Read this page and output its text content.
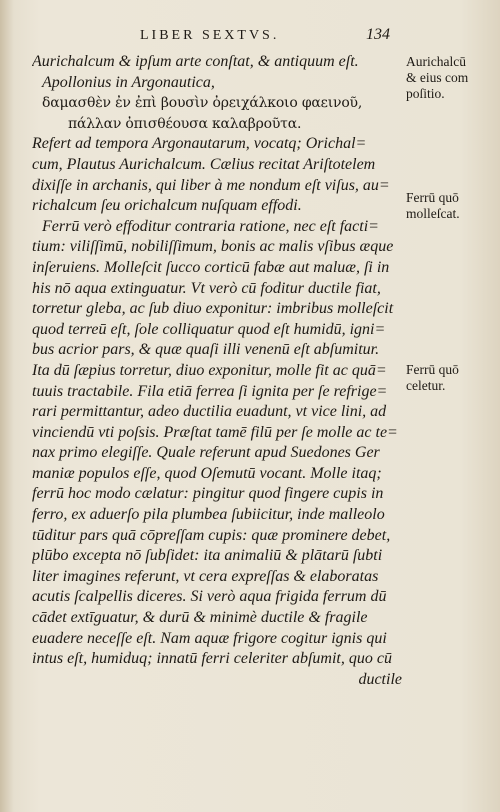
LIBER SEXTVS.	134
Aurichalcum & ipſum arte conſtat, & antiquum eſt.
Apollonius in Argonautica,
δαμασθὲν ἐν ἐπὶ βουσὶν ὀρειχάλκοιο φαεινοῦ,
πάλλαν ὀπισθέουσα καλαβροῦτα.
Refert ad tempora Argonautarum, vocatq; Orichal=
cum, Plautus Aurichalcum. Cælius recitat Ariſtotelem
dixiſſe in archanis, qui liber à me nondum eſt viſus, au=
richalcum ſeu orichalcum nuſquam effodi.
Ferrū verò effoditur contraria ratione, nec eſt facti=
tium: viliſſimū, nobiliſſimum, bonis ac malis vſibus æque
inſeruiens. Molleſcit ſucco corticū fabæ aut maluæ, ſi in
his nō aqua extinguatur. Vt verò cū foditur ductile fiat,
torretur gleba, ac ſub diuo exponitur: imbribus molleſcit
quod terreū eſt, ſole colliquatur quod eſt humidū, igni=
bus acrior pars, & quæ quaſi illi venenū eſt abſumitur.
Ita dū ſæpius torretur, diuo exponitur, molle fit ac quā=
tuuis tractabile. Fila etiā ferrea ſi ignita per ſe refrige=
rari permittantur, adeo ductilia euadunt, vt vice lini, ad
vinciendū vti poſsis. Præſtat tamē filū per ſe molle ac te=
nax primo elegiſſe. Quale referunt apud Suedones Ger
maniæ populos eſſe, quod Oſemutū vocant. Molle itaq;
ferrū hoc modo cælatur: pingitur quod fingere cupis in
ferro, ex aduerſo pila plumbea ſubiicitur, inde malleolo
tūditur pars quā cōpreſſam cupis: quæ prominere debet,
plūbo excepta nō ſubſidet: ita animaliū & plātarū ſubti
liter imagines referunt, vt cera expreſſas & elaboratas
acutis ſcalpellis diceres. Si verò aqua frigida ferrum dū
cādet extīguatur, & durū & minimè ductile & fragile
euadere neceſſe eſt. Nam aquæ frigore cogitur ignis qui
intus eſt, humiduq; innatū ferri celeriter abſumit, quo cū
ductile
Aurichalcū
& eius com
poſitio.
Ferrū quō
molleſcat.
Ferrū quō
celetur.
